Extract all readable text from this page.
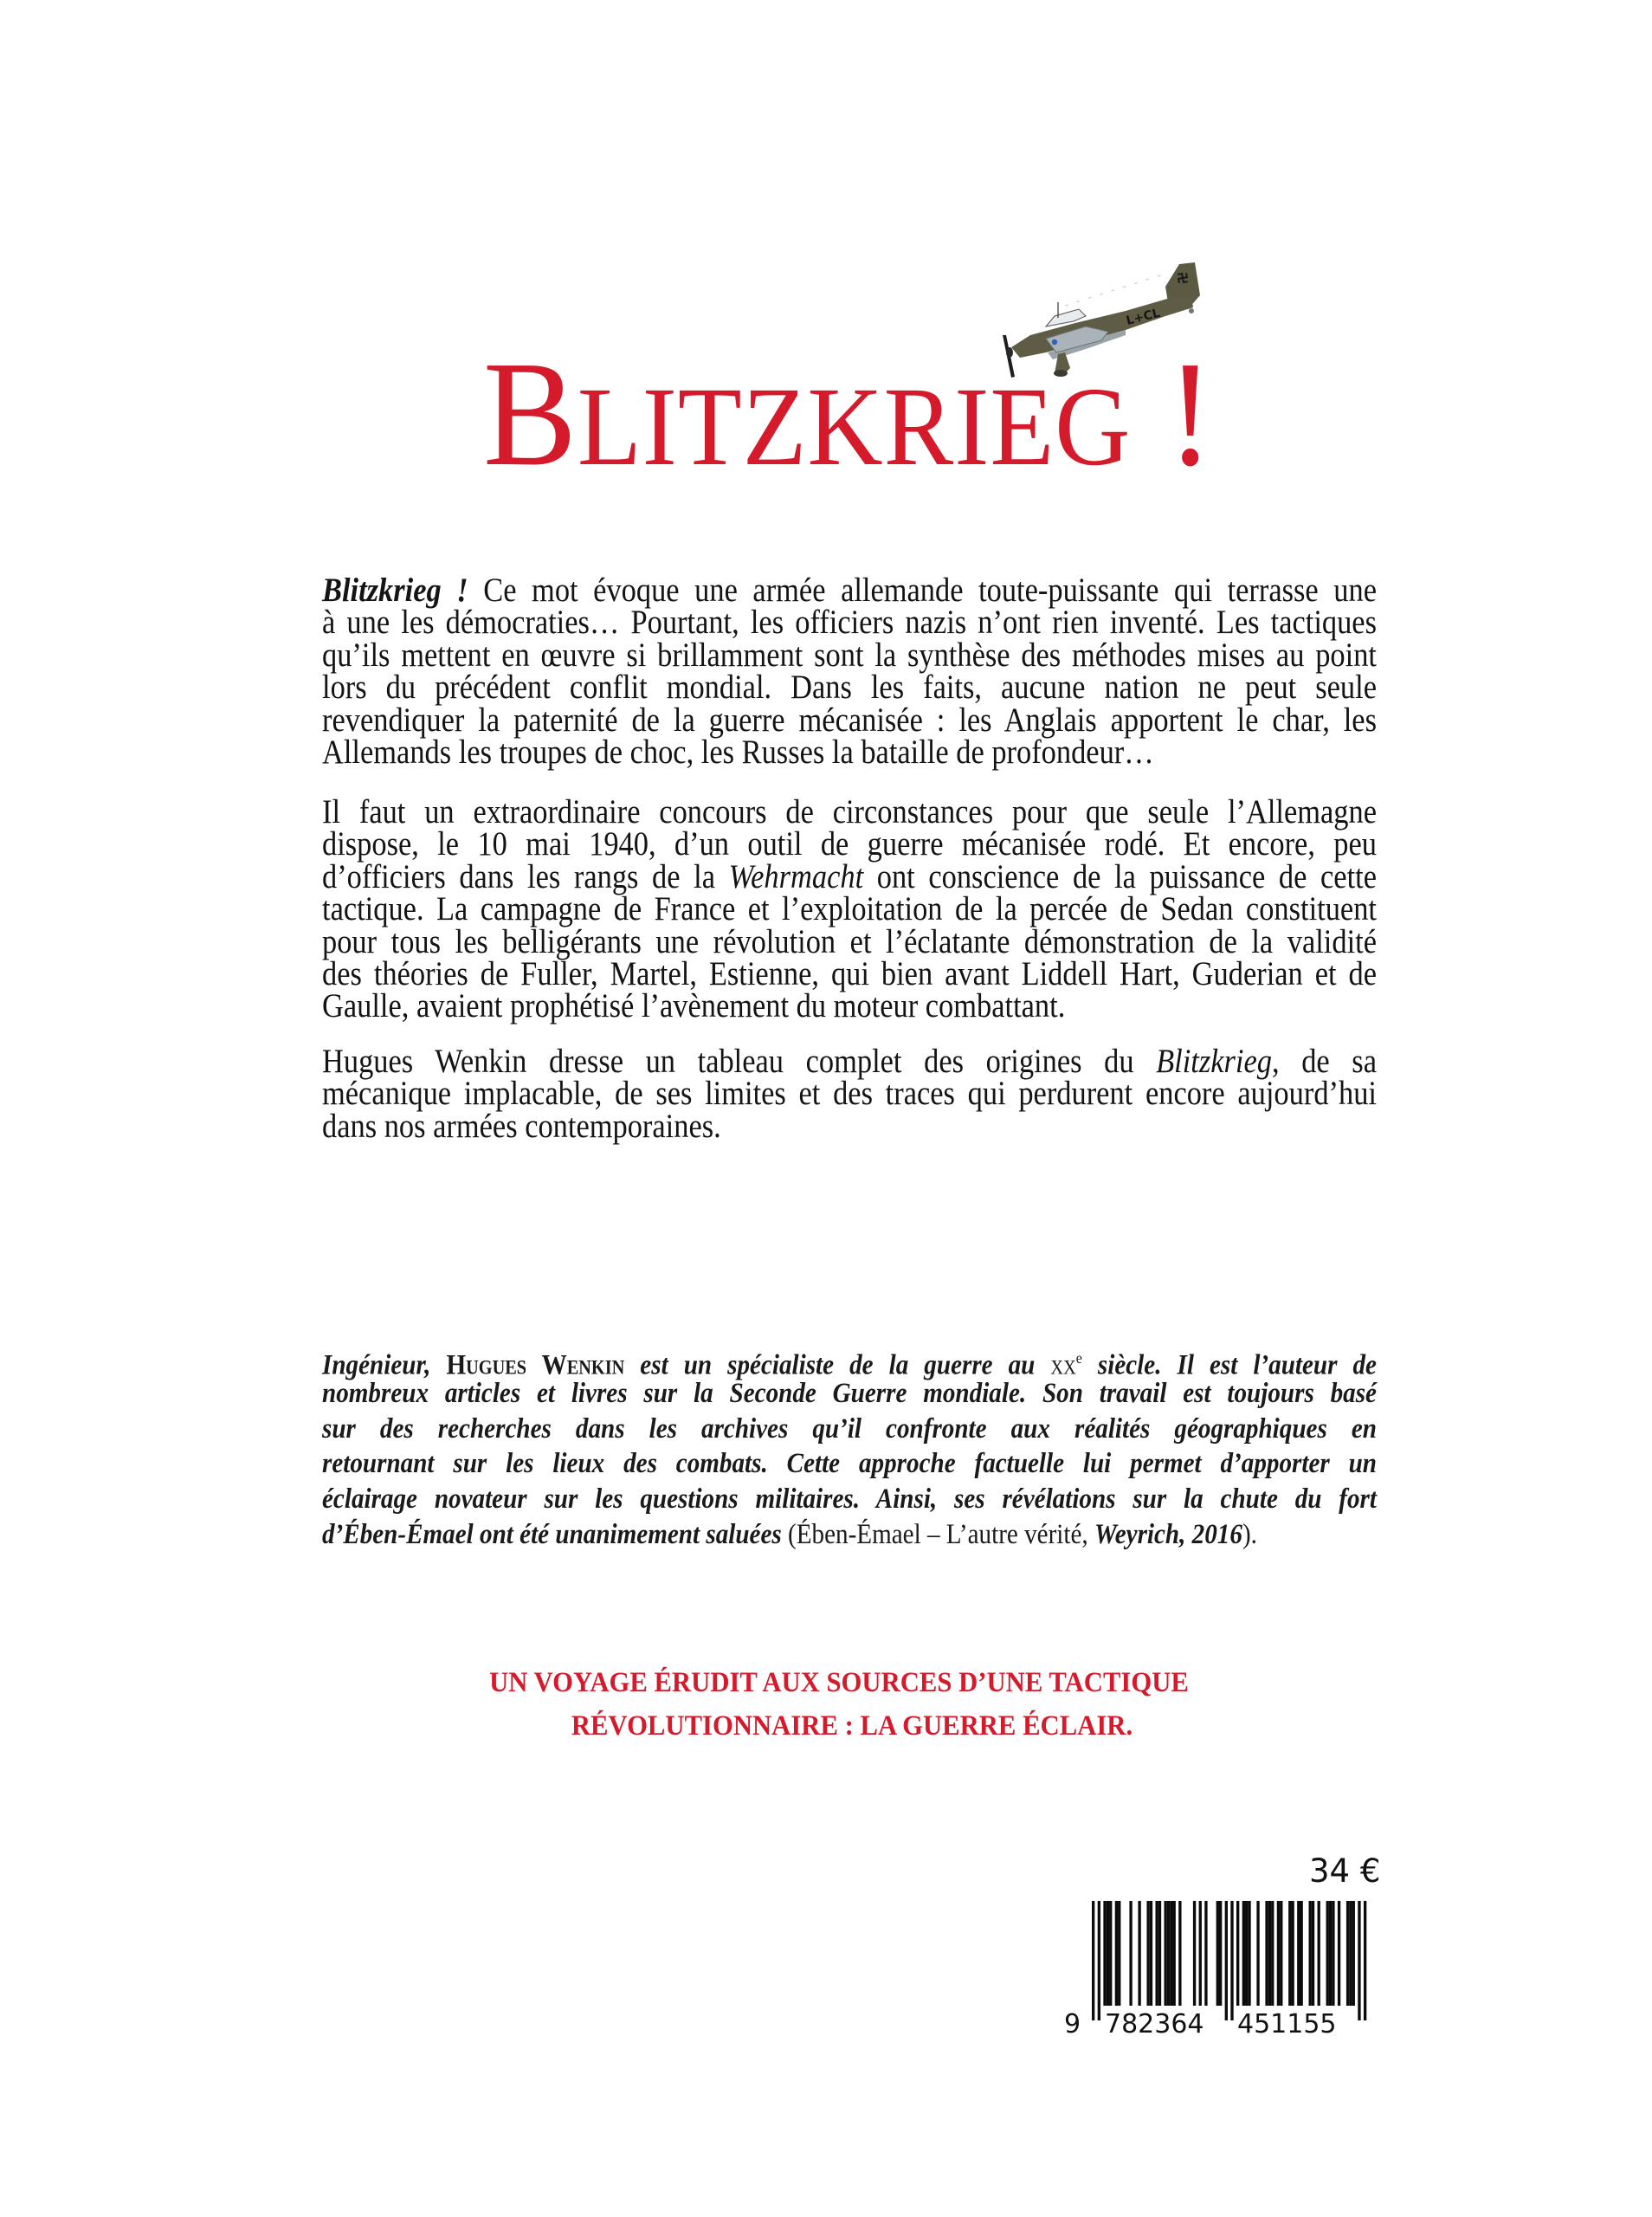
L+CL
BLITZKRIEG !
Blitzkrieg ! Ce mot évoque une armée allemande toute-puissante qui terrasse une
à une les démocraties… Pourtant, les officiers nazis n’ont rien inventé. Les tactiques
qu’ils mettent en œuvre si brillamment sont la synthèse des méthodes mises au point
lors du précédent conflit mondial. Dans les faits, aucune nation ne peut seule
revendiquer la paternité de la guerre mécanisée : les Anglais apportent le char, les
Allemands les troupes de choc, les Russes la bataille de profondeur…
Il faut un extraordinaire concours de circonstances pour que seule l’Allemagne
dispose, le 10 mai 1940, d’un outil de guerre mécanisée rodé. Et encore, peu
d’officiers dans les rangs de la Wehrmacht ont conscience de la puissance de cette
tactique. La campagne de France et l’exploitation de la percée de Sedan constituent
pour tous les belligérants une révolution et l’éclatante démonstration de la validité
des théories de Fuller, Martel, Estienne, qui bien avant Liddell Hart, Guderian et de
Gaulle, avaient prophétisé l’avènement du moteur combattant.
Hugues Wenkin dresse un tableau complet des origines du Blitzkrieg, de sa
mécanique implacable, de ses limites et des traces qui perdurent encore aujourd’hui
dans nos armées contemporaines.
Ingénieur, Hugues Wenkin est un spécialiste de la guerre au $xx^e$ siècle. Il est l’auteur de
nombreux articles et livres sur la Seconde Guerre mondiale. Son travail est toujours basé
sur des recherches dans les archives qu’il confronte aux réalités géographiques en
retournant sur les lieux des combats. Cette approche factuelle lui permet d’apporter un
éclairage novateur sur les questions militaires. Ainsi, ses révélations sur la chute du fort
d’Ében-Émael ont été unanimement saluées (Ében-Émael – L’autre vérité, Weyrich, 2016).
UN VOYAGE ÉRUDIT AUX SOURCES D’UNE TACTIQUE
RÉVOLUTIONNAIRE : LA GUERRE ÉCLAIR.
34 €
9 782364 451155
